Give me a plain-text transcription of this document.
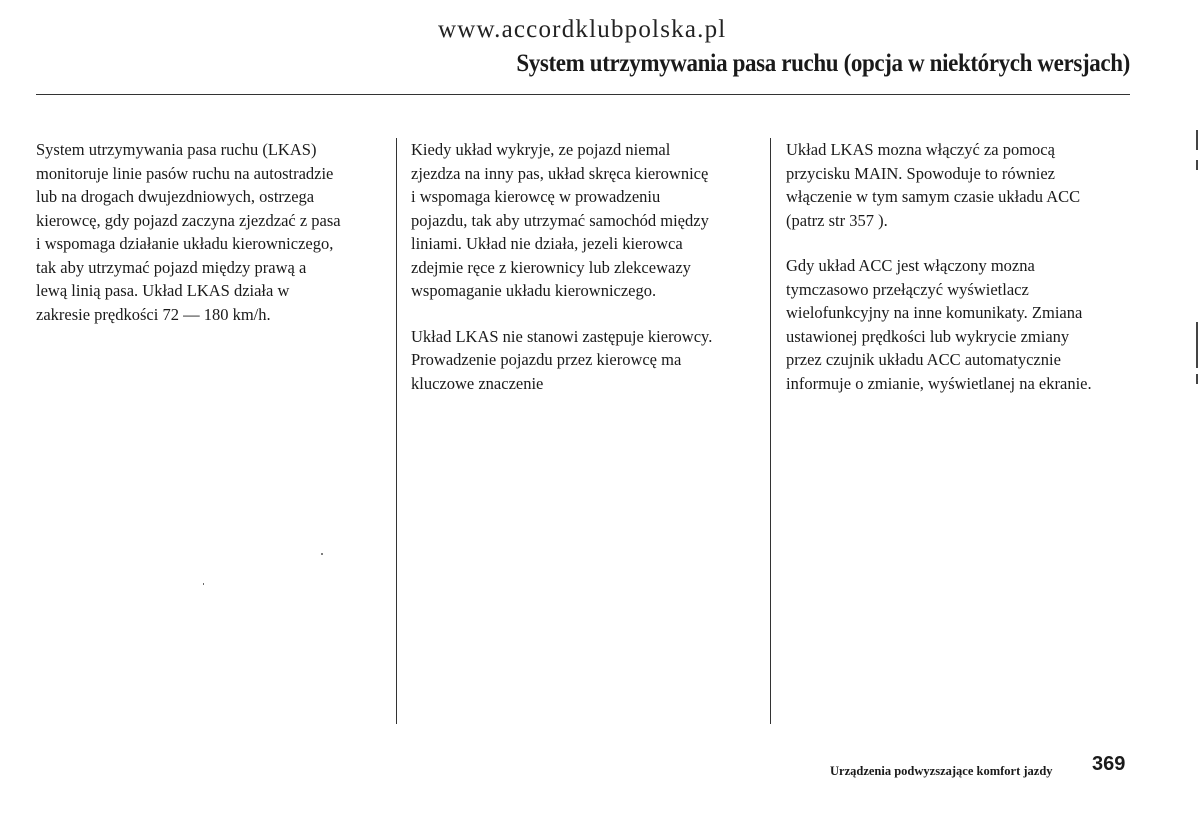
www.accordklubpolska.pl
System utrzymywania pasa ruchu (opcja w niektórych wersjach)

System utrzymywania pasa ruchu (LKAS)
monitoruje linie pasów ruchu na autostradzie
lub na drogach dwujezdniowych, ostrzega
kierowcę, gdy pojazd zaczyna zjezdzać z pasa
i wspomaga działanie układu kierowniczego,
tak aby utrzymać pojazd między prawą a
lewą linią pasa. Układ LKAS działa w
zakresie prędkości 72 — 180 km/h.

Kiedy układ wykryje, ze pojazd niemal
zjezdza na inny pas, układ skręca kierownicę
i wspomaga kierowcę w prowadzeniu
pojazdu, tak aby utrzymać samochód między
liniami. Układ nie działa, jezeli kierowca
zdejmie ręce z kierownicy lub zlekcewazy
wspomaganie układu kierowniczego.

Układ LKAS nie stanowi zastępuje kierowcy.
Prowadzenie pojazdu przez kierowcę ma
kluczowe znaczenie

Układ LKAS mozna włączyć za pomocą
przycisku MAIN. Spowoduje to równiez
włączenie w tym samym czasie układu ACC
(patrz str 357 ).

Gdy układ ACC jest włączony mozna
tymczasowo przełączyć wyświetlacz
wielofunkcyjny na inne komunikaty. Zmiana
ustawionej prędkości lub wykrycie zmiany
przez czujnik układu ACC automatycznie
informuje o zmianie, wyświetlanej na ekranie.

Urządzenia podwyzszające komfort jazdy 369
